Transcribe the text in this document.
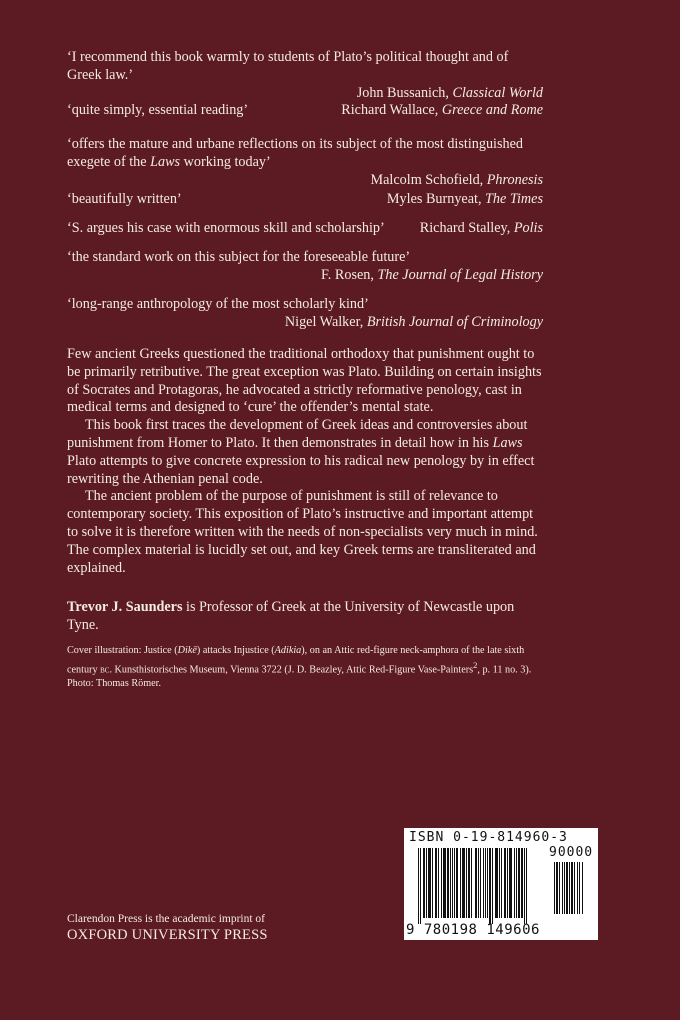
‘I recommend this book warmly to students of Plato’s political thought and of Greek law.’
John Bussanich, Classical World
‘quite simply, essential reading’	Richard Wallace, Greece and Rome
‘offers the mature and urbane reflections on its subject of the most distinguished exegete of the Laws working today’
Malcolm Schofield, Phronesis
‘beautifully written’	Myles Burnyeat, The Times
‘S. argues his case with enormous skill and scholarship’ Richard Stalley, Polis
‘the standard work on this subject for the foreseeable future’
F. Rosen, The Journal of Legal History
‘long-range anthropology of the most scholarly kind’
Nigel Walker, British Journal of Criminology

Few ancient Greeks questioned the traditional orthodoxy that punishment ought to be primarily retributive. The great exception was Plato. Building on certain insights of Socrates and Protagoras, he advocated a strictly reformative penology, cast in medical terms and designed to ‘cure’ the offender’s mental state.

This book first traces the development of Greek ideas and controversies about punishment from Homer to Plato. It then demonstrates in detail how in his Laws Plato attempts to give concrete expression to his radical new penology by in effect rewriting the Athenian penal code.

The ancient problem of the purpose of punishment is still of relevance to contemporary society. This exposition of Plato’s instructive and important attempt to solve it is therefore written with the needs of non-specialists very much in mind. The complex material is lucidly set out, and key Greek terms are transliterated and explained.

Trevor J. Saunders is Professor of Greek at the University of Newcastle upon Tyne.
Cover illustration: Justice (Dikē) attacks Injustice (Adikia), on an Attic red-figure neck-amphora of the late sixth century bc. Kunsthistorisches Museum, Vienna 3722 (J. D. Beazley, Attic Red-Figure Vase-Painters$^2$, p. 11 no. 3). Photo: Thomas Römer.
Clarendon Press is the academic imprint of
OXFORD UNIVERSITY PRESS
ISBN 0-19-814960-3
90000
9 780198 149606
